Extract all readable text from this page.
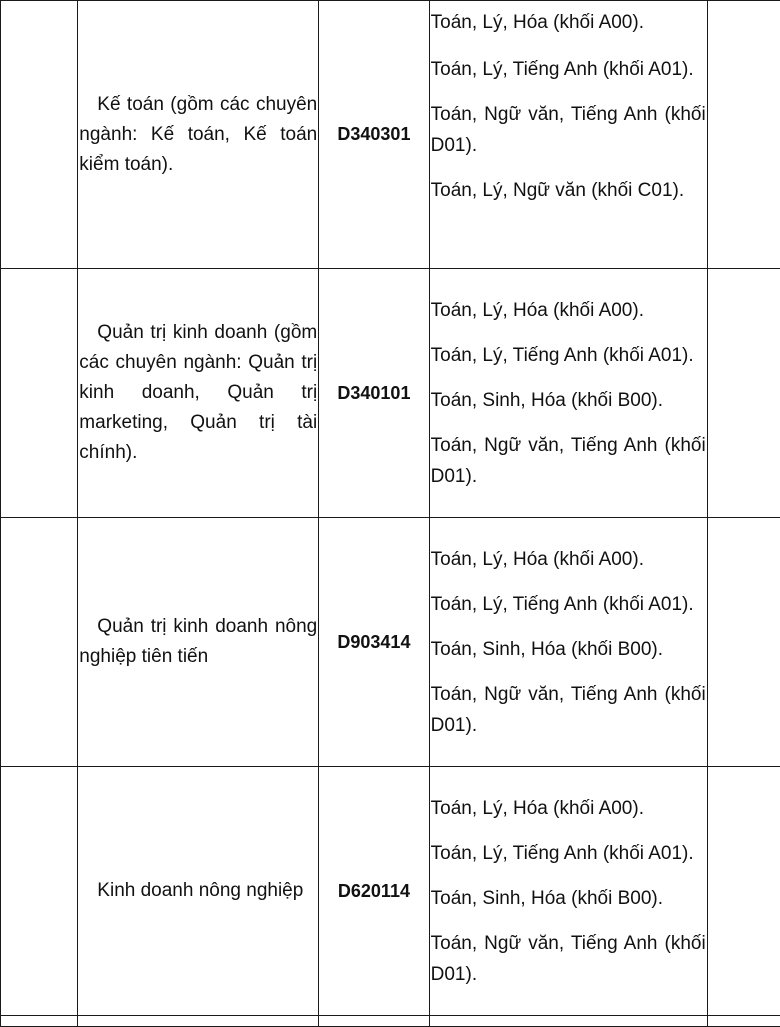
	Kế toán (gồm các chuyên ngành: Kế toán, Kế toán kiểm toán).	D340301	Toán, Lý, Hóa (khối A00).
Toán, Lý, Tiếng Anh (khối A01).
Toán, Ngữ văn, Tiếng Anh (khối D01).
Toán, Lý, Ngữ văn (khối C01).	

	Quản trị kinh doanh (gồm các chuyên ngành: Quản trị kinh doanh, Quản trị marketing, Quản trị tài chính).	D340101	Toán, Lý, Hóa (khối A00).
Toán, Lý, Tiếng Anh (khối A01).
Toán, Sinh, Hóa (khối B00).
Toán, Ngữ văn, Tiếng Anh (khối D01).	

	Quản trị kinh doanh nông nghiệp tiên tiến	D903414	Toán, Lý, Hóa (khối A00).
Toán, Lý, Tiếng Anh (khối A01).
Toán, Sinh, Hóa (khối B00).
Toán, Ngữ văn, Tiếng Anh (khối D01).	

	Kinh doanh nông nghiệp	D620114	Toán, Lý, Hóa (khối A00).
Toán, Lý, Tiếng Anh (khối A01).
Toán, Sinh, Hóa (khối B00).
Toán, Ngữ văn, Tiếng Anh (khối D01).	
